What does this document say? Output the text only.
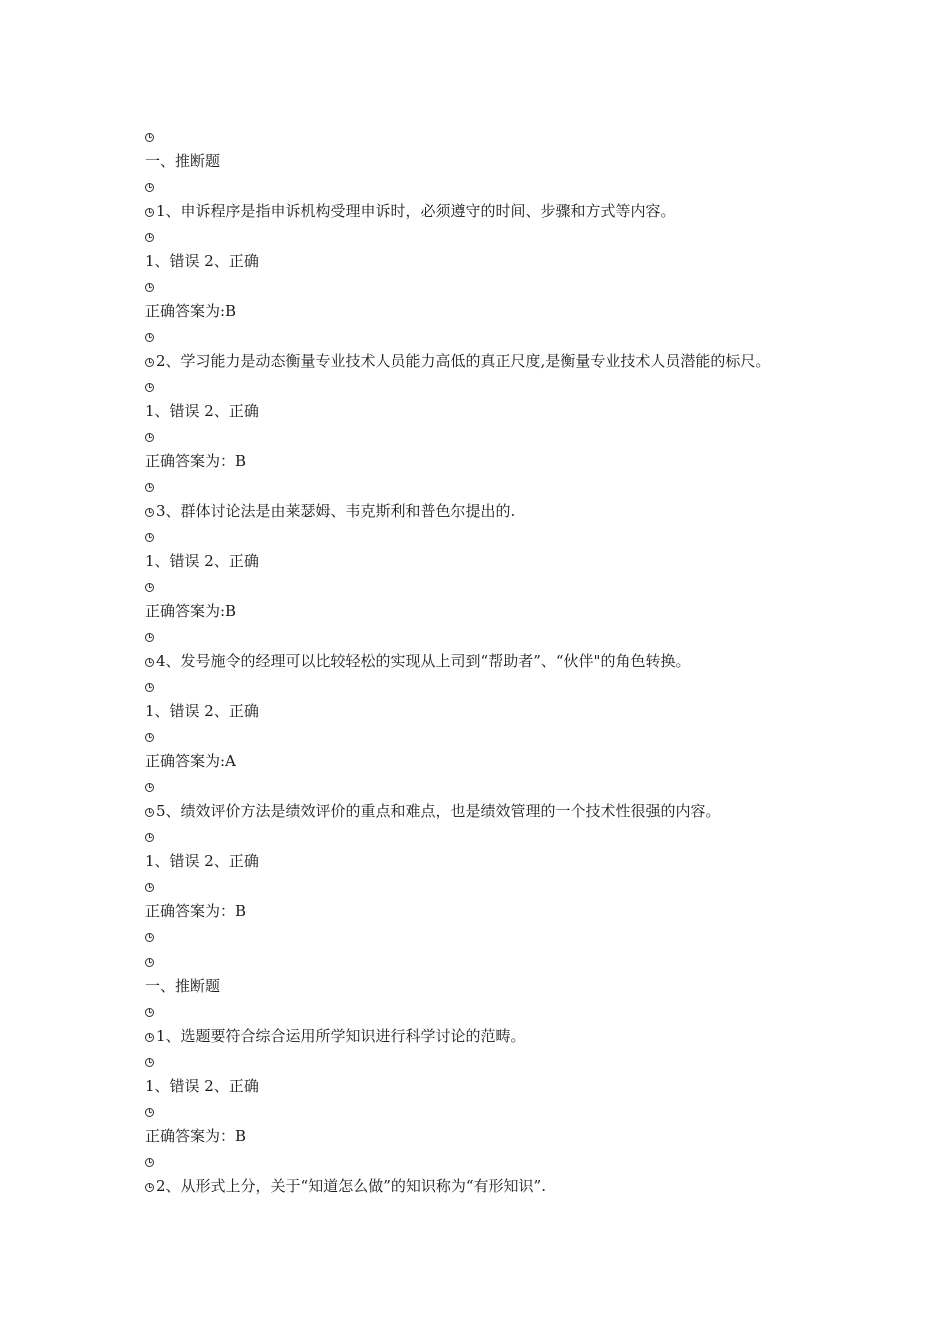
一、推断题
1、申诉程序是指申诉机构受理申诉时，必须遵守的时间、步骤和方式等内容。
1、错误 2、正确
正确答案为:B
2、学习能力是动态衡量专业技术人员能力高低的真正尺度,是衡量专业技术人员潜能的标尺。
1、错误 2、正确
正确答案为：B
3、群体讨论法是由莱瑟姆、韦克斯利和普色尔提出的.
1、错误 2、正确
正确答案为:B
4、发号施令的经理可以比较轻松的实现从上司到“帮助者”、“伙伴"的角色转换。
1、错误 2、正确
正确答案为:A
5、绩效评价方法是绩效评价的重点和难点，也是绩效管理的一个技术性很强的内容。
1、错误 2、正确
正确答案为：B
一、推断题
1、选题要符合综合运用所学知识进行科学讨论的范畴。
1、错误 2、正确
正确答案为：B
2、从形式上分，关于“知道怎么做”的知识称为“有形知识”.
